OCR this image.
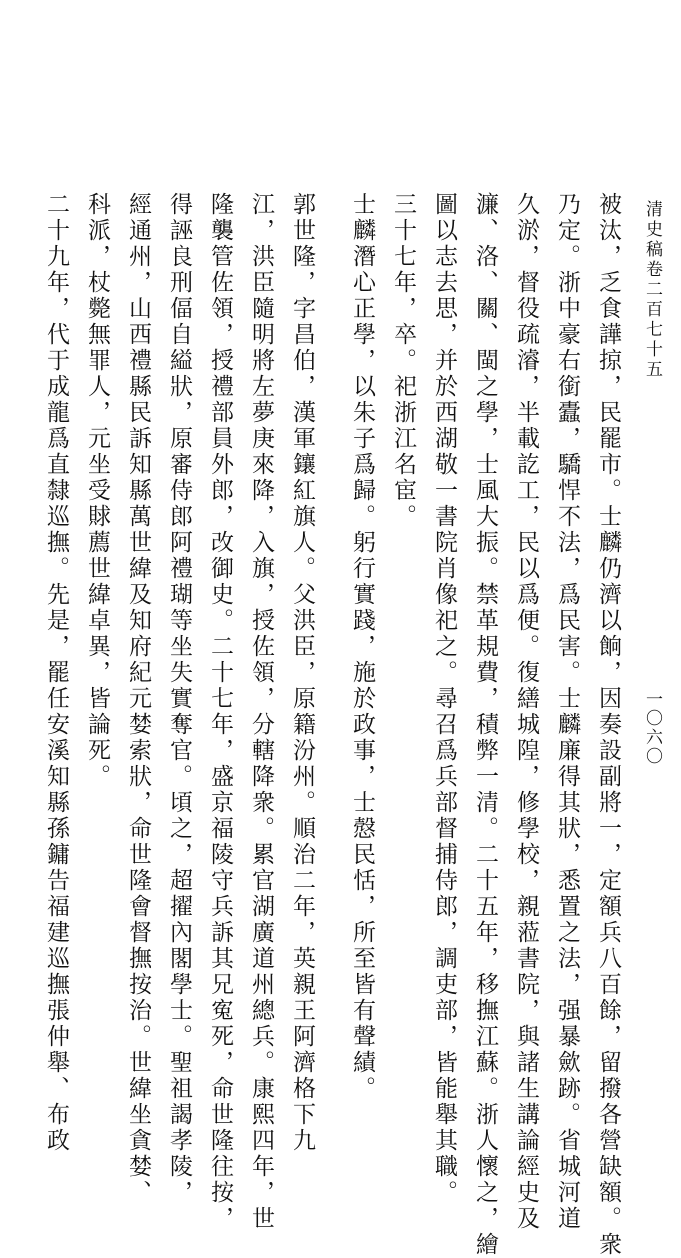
清史稿卷二百七十五
一〇六〇
被汰，乏食譁掠，民罷市。士麟仍濟以餉，因奏設副將一，定額兵八百餘，留撥各營缺額。衆
乃定。浙中豪右銜蠹，驕悍不法，爲民害。士麟廉得其狀，悉置之法，强暴歛跡。省城河道
久淤，督役疏濬，半載訖工，民以爲便。復繕城隍，修學校，親蒞書院，與諸生講論經史及
濂、洛、關、閩之學，士風大振。禁革規費，積弊一清。二十五年，移撫江蘇。浙人懷之，繪
圖以志去思，并於西湖敬一書院肖像祀之。尋召爲兵部督捕侍郎，調吏部，皆能舉其職。
三十七年，卒。祀浙江名宦。
士麟潛心正學，以朱子爲歸。躬行實踐，施於政事，士慤民恬，所至皆有聲績。
郭世隆，字昌伯，漢軍鑲紅旗人。父洪臣，原籍汾州。順治二年，英親王阿濟格下九
江，洪臣隨明將左夢庚來降，入旗，授佐領，分轄降衆。累官湖廣道州總兵。康熙四年，世
隆襲管佐領，授禮部員外郎，改御史。二十七年，盛京福陵守兵訴其兄寃死，命世隆往按，
得誣良刑偪自縊狀，原審侍郎阿禮瑚等坐失實奪官。頃之，超擢內閣學士。聖祖謁孝陵，
經通州，山西禮縣民訴知縣萬世緯及知府紀元婪索狀，命世隆會督撫按治。世緯坐貪婪、
科派，杖斃無罪人，元坐受賕薦世緯卓異，皆論死。
二十九年，代于成龍爲直隸巡撫。先是，罷任安溪知縣孫鏞告福建巡撫張仲舉、布政
